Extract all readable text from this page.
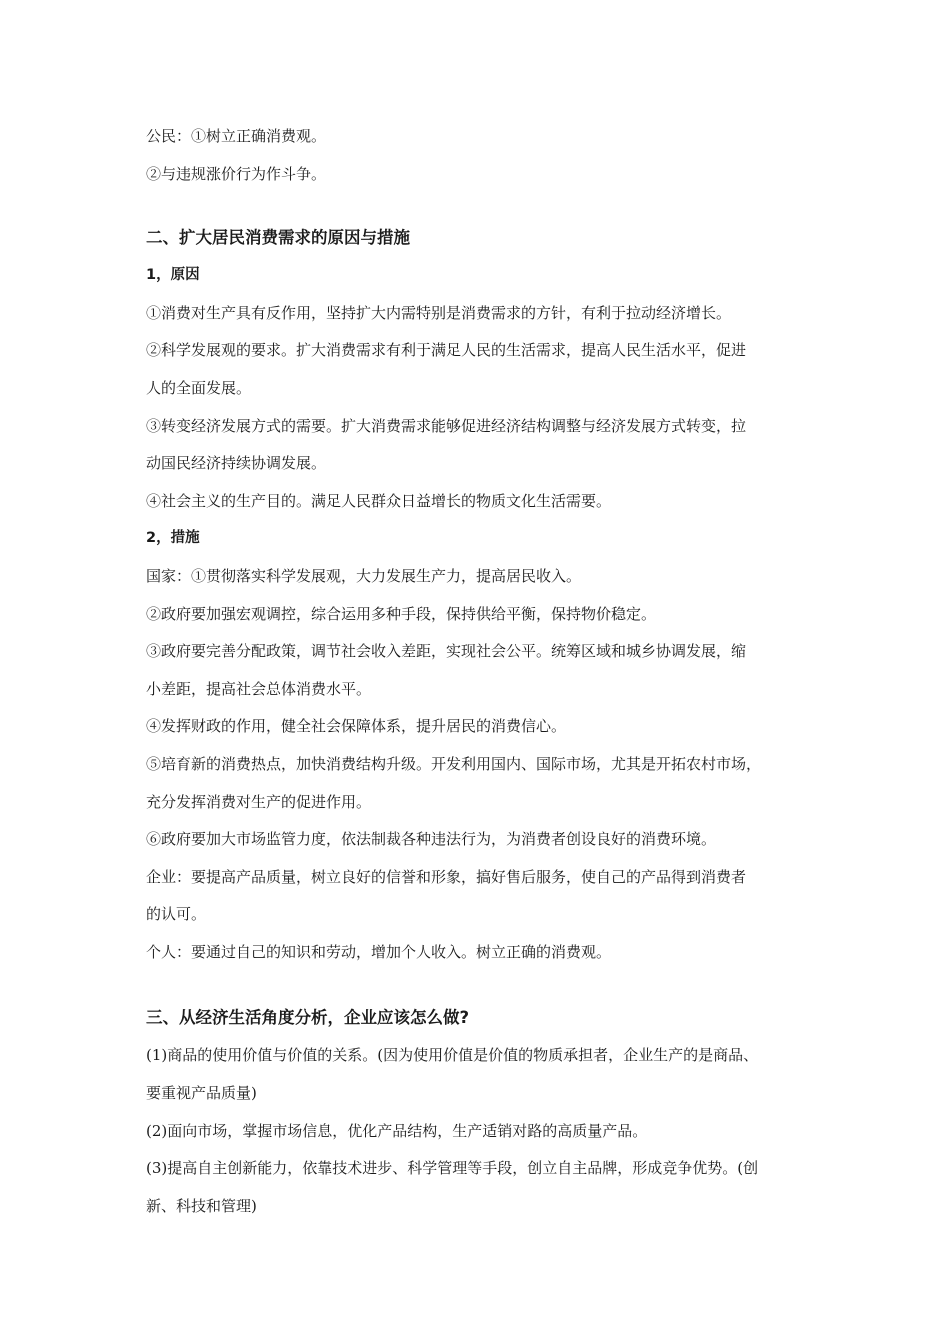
公民：①树立正确消费观。

②与违规涨价行为作斗争。

二、扩大居民消费需求的原因与措施

1，原因

①消费对生产具有反作用，坚持扩大内需特别是消费需求的方针，有利于拉动经济增长。

②科学发展观的要求。扩大消费需求有利于满足人民的生活需求，提高人民生活水平，促进

人的全面发展。

③转变经济发展方式的需要。扩大消费需求能够促进经济结构调整与经济发展方式转变，拉

动国民经济持续协调发展。

④社会主义的生产目的。满足人民群众日益增长的物质文化生活需要。

2，措施

国家：①贯彻落实科学发展观，大力发展生产力，提高居民收入。

②政府要加强宏观调控，综合运用多种手段，保持供给平衡，保持物价稳定。

③政府要完善分配政策，调节社会收入差距，实现社会公平。统筹区域和城乡协调发展，缩

小差距，提高社会总体消费水平。

④发挥财政的作用，健全社会保障体系，提升居民的消费信心。

⑤培育新的消费热点，加快消费结构升级。开发利用国内、国际市场，尤其是开拓农村市场，

充分发挥消费对生产的促进作用。

⑥政府要加大市场监管力度，依法制裁各种违法行为，为消费者创设良好的消费环境。

企业：要提高产品质量，树立良好的信誉和形象，搞好售后服务，使自己的产品得到消费者

的认可。

个人：要通过自己的知识和劳动，增加个人收入。树立正确的消费观。

三、从经济生活角度分析，企业应该怎么做?

(1)商品的使用价值与价值的关系。(因为使用价值是价值的物质承担者，企业生产的是商品、

要重视产品质量)

(2)面向市场，掌握市场信息，优化产品结构，生产适销对路的高质量产品。

(3)提高自主创新能力，依靠技术进步、科学管理等手段，创立自主品牌，形成竞争优势。(创

新、科技和管理)
